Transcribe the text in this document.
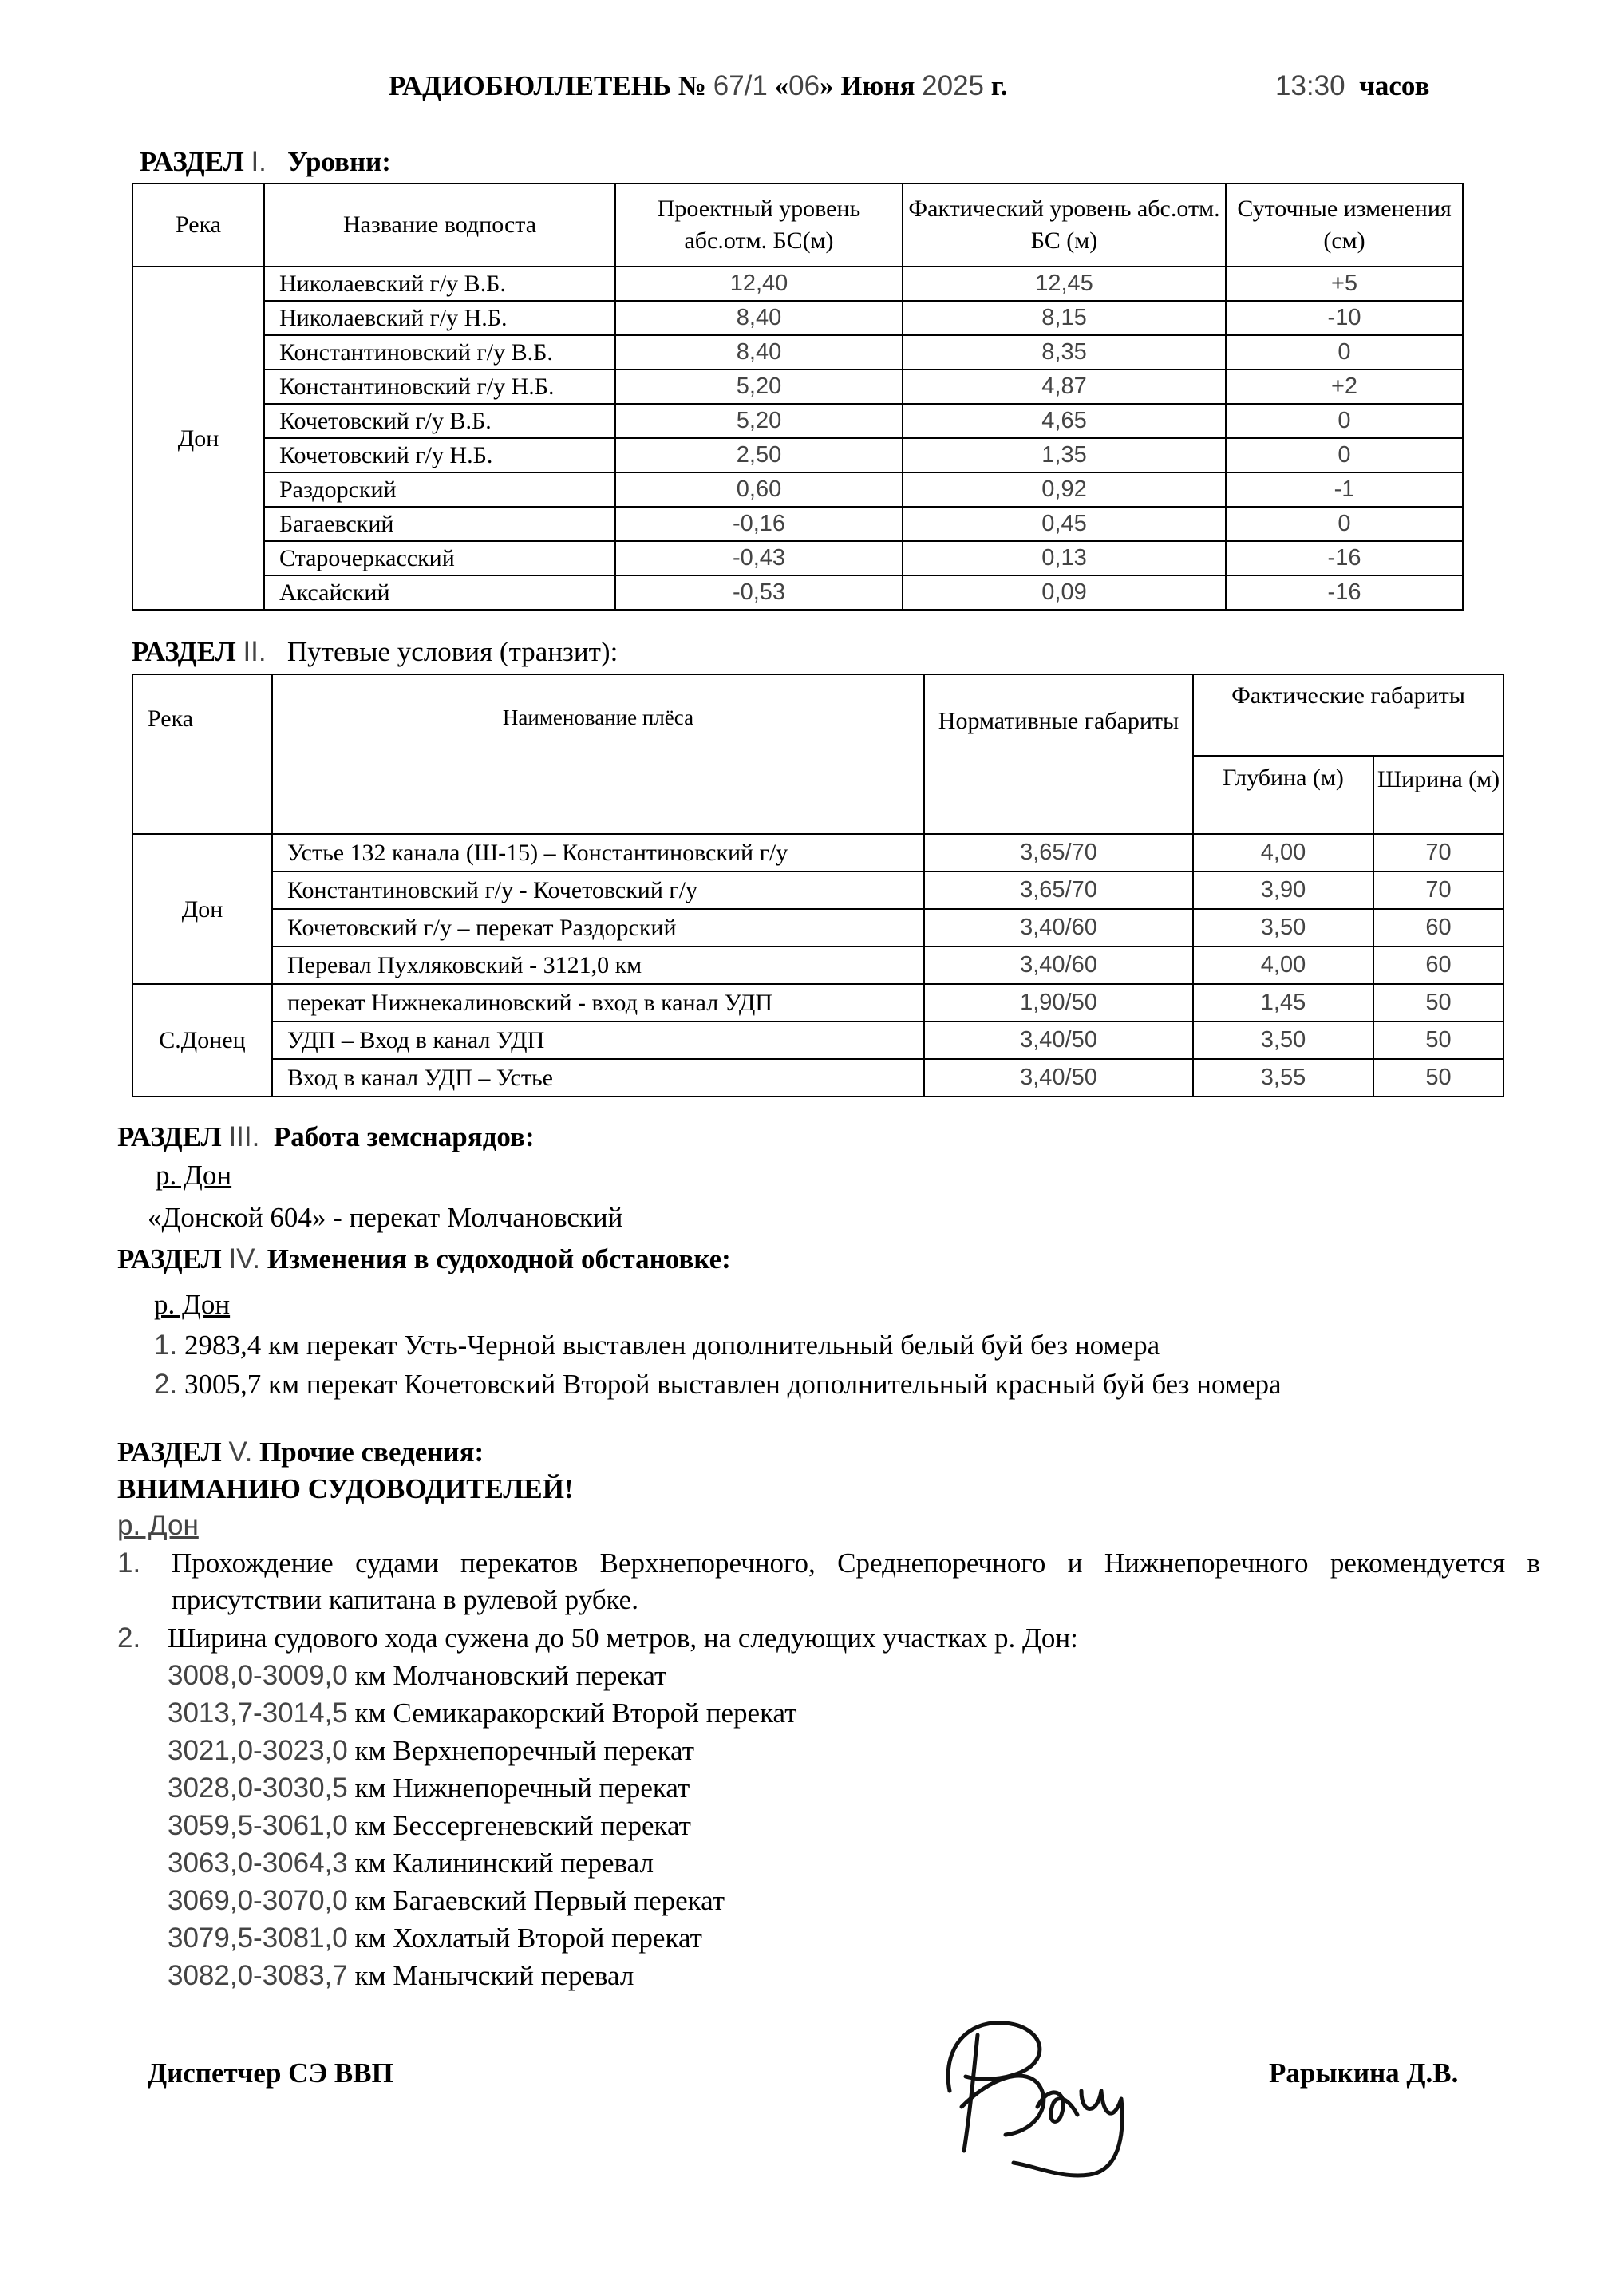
РАДИОБЮЛЛЕТЕНЬ № 67/1 «06» Июня 2025 г.	13:30 часов
РАЗДЕЛ I. Уровни:
Река	Название водпоста	Проектный уровень абс.отм. БС(м)	Фактический уровень абс.отм. БС (м)	Суточные изменения (см)
Дон	Николаевский г/у В.Б.	12,40	12,45	+5
	Николаевский г/у Н.Б.	8,40	8,15	-10
	Константиновский г/у В.Б.	8,40	8,35	0
	Константиновский г/у Н.Б.	5,20	4,87	+2
	Кочетовский г/у В.Б.	5,20	4,65	0
	Кочетовский г/у Н.Б.	2,50	1,35	0
	Раздорский	0,60	0,92	-1
	Багаевский	-0,16	0,45	0
	Старочеркасский	-0,43	0,13	-16
	Аксайский	-0,53	0,09	-16
РАЗДЕЛ II. Путевые условия (транзит):
Река	Наименование плёса	Нормативные габариты	Фактические габариты	
			Глубина (м)	Ширина (м)
Дон	Устье 132 канала (Ш-15) – Константиновский г/у	3,65/70	4,00	70
	Константиновский г/у - Кочетовский г/у	3,65/70	3,90	70
	Кочетовский г/у – перекат Раздорский	3,40/60	3,50	60
	Перевал Пухляковский - 3121,0 км	3,40/60	4,00	60
С.Донец	перекат Нижнекалиновский - вход в канал УДП	1,90/50	1,45	50
	УДП – Вход в канал УДП	3,40/50	3,50	50
	Вход в канал УДП – Устье	3,40/50	3,55	50
РАЗДЕЛ III. Работа земснарядов:
р. Дон
«Донской 604» - перекат Молчановский
РАЗДЕЛ IV. Изменения в судоходной обстановке:
р. Дон
1. 2983,4 км перекат Усть-Черной выставлен дополнительный белый буй без номера
2. 3005,7 км перекат Кочетовский Второй выставлен дополнительный красный буй без номера
РАЗДЕЛ V. Прочие сведения:
ВНИМАНИЮ СУДОВОДИТЕЛЕЙ!
р. Дон
1. Прохождение судами перекатов Верхнепоречного, Среднепоречного и Нижнепоречного рекомендуется в присутствии капитана в рулевой рубке.
2. Ширина судового хода сужена до 50 метров, на следующих участках р. Дон:
3008,0-3009,0 км Молчановский перекат
3013,7-3014,5 км Семикаракорский Второй перекат
3021,0-3023,0 км Верхнепоречный перекат
3028,0-3030,5 км Нижнепоречный перекат
3059,5-3061,0 км Бессергеневский перекат
3063,0-3064,3 км Калининский перевал
3069,0-3070,0 км Багаевский Первый перекат
3079,5-3081,0 км Хохлатый Второй перекат
3082,0-3083,7 км Манычский перевал
Диспетчер СЭ ВВП	Рарыкина Д.В.
